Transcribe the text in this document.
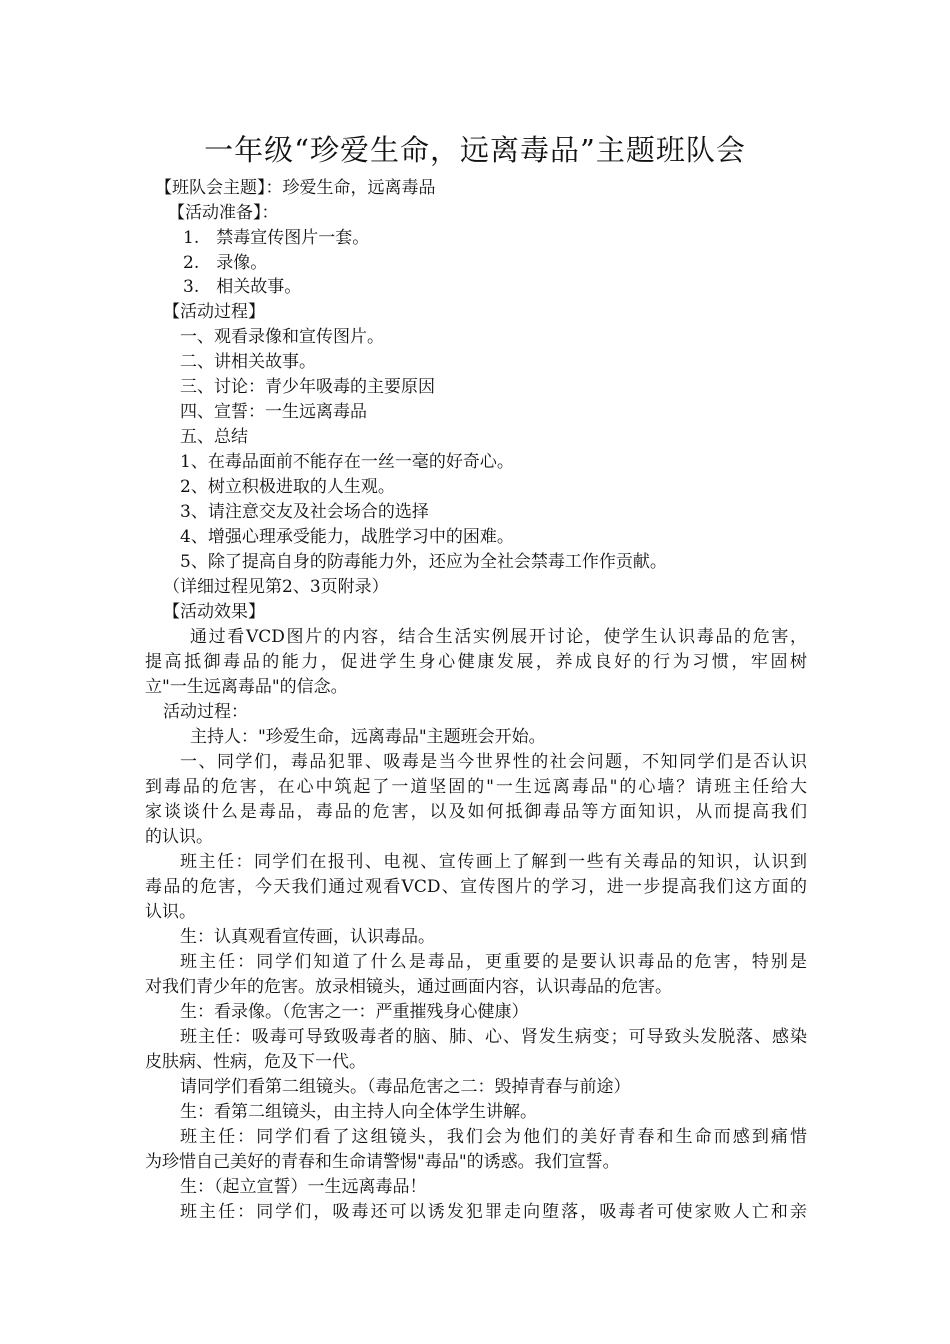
一年级“珍爱生命，远离毒品”主题班队会
【班队会主题】：珍爱生命，远离毒品
【活动准备】：
1.　禁毒宣传图片一套。
2.　录像。
3.　相关故事。
【活动过程】
一、观看录像和宣传图片。
二、讲相关故事。
三、讨论：青少年吸毒的主要原因
四、宣誓：一生远离毒品
五、总结
1、在毒品面前不能存在一丝一毫的好奇心。
2、树立积极进取的人生观。
3、请注意交友及社会场合的选择
4、增强心理承受能力，战胜学习中的困难。
5、除了提高自身的防毒能力外，还应为全社会禁毒工作作贡献。
（详细过程见第2、3页附录）
【活动效果】
通过看VCD图片的内容，结合生活实例展开讨论，使学生认识毒品的危害，
提高抵御毒品的能力，促进学生身心健康发展，养成良好的行为习惯，牢固树
立"一生远离毒品"的信念。
活动过程：
主持人："珍爱生命，远离毒品"主题班会开始。
一、同学们，毒品犯罪、吸毒是当今世界性的社会问题，不知同学们是否认识
到毒品的危害，在心中筑起了一道坚固的"一生远离毒品"的心墙？请班主任给大
家谈谈什么是毒品，毒品的危害，以及如何抵御毒品等方面知识，从而提高我们
的认识。
班主任：同学们在报刊、电视、宣传画上了解到一些有关毒品的知识，认识到
毒品的危害，今天我们通过观看VCD、宣传图片的学习，进一步提高我们这方面的
认识。
生：认真观看宣传画，认识毒品。
班主任：同学们知道了什么是毒品，更重要的是要认识毒品的危害，特别是
对我们青少年的危害。放录相镜头，通过画面内容，认识毒品的危害。
生：看录像。（危害之一：严重摧残身心健康）
班主任：吸毒可导致吸毒者的脑、肺、心、肾发生病变；可导致头发脱落、感染
皮肤病、性病，危及下一代。
请同学们看第二组镜头。（毒品危害之二：毁掉青春与前途）
生：看第二组镜头，由主持人向全体学生讲解。
班主任：同学们看了这组镜头，我们会为他们的美好青春和生命而感到痛惜
为珍惜自己美好的青春和生命请警惕"毒品"的诱惑。我们宣誓。
生：（起立宣誓）一生远离毒品！
班主任：同学们，吸毒还可以诱发犯罪走向堕落，吸毒者可使家败人亡和亲
